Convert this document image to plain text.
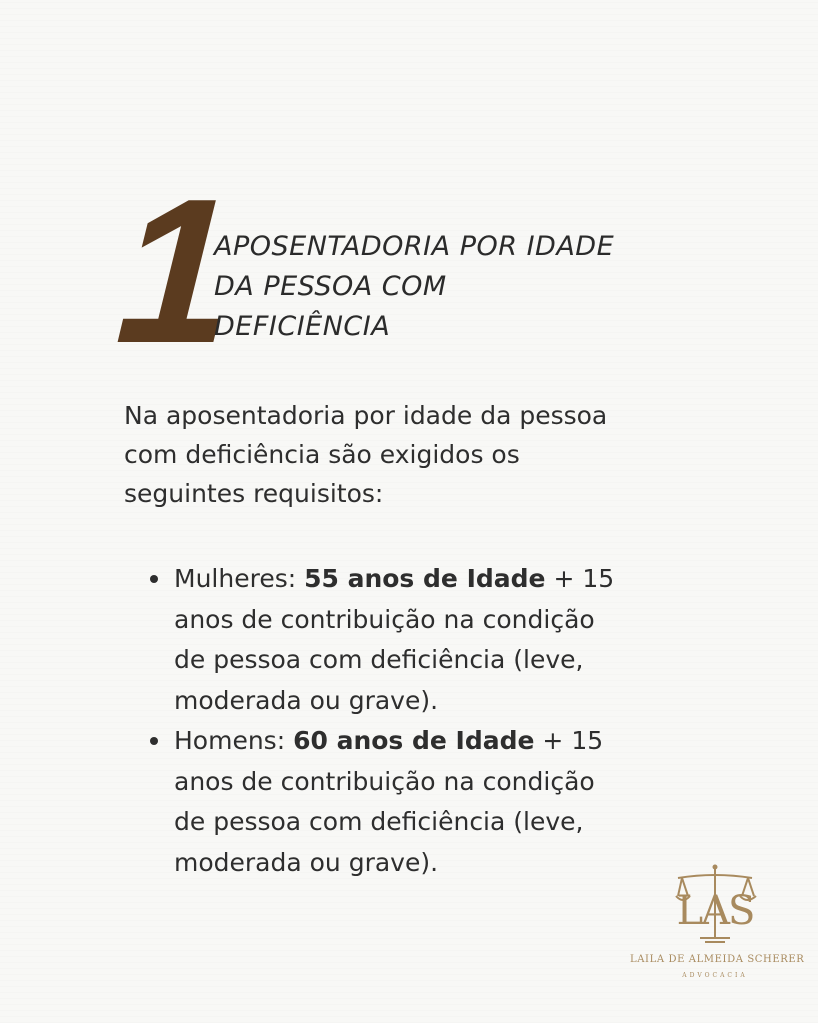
1
APOSENTADORIA POR IDADE
DA PESSOA COM
DEFICIÊNCIA
Na aposentadoria por idade da pessoa
com deficiência são exigidos os
seguintes requisitos:
Mulheres: 55 anos de Idade + 15
anos de contribuição na condição
de pessoa com deficiência (leve,
moderada ou grave).
Homens: 60 anos de Idade + 15
anos de contribuição na condição
de pessoa com deficiência (leve,
moderada ou grave).
LAS
LAILA DE ALMEIDA SCHERER
ADVOCACIA
